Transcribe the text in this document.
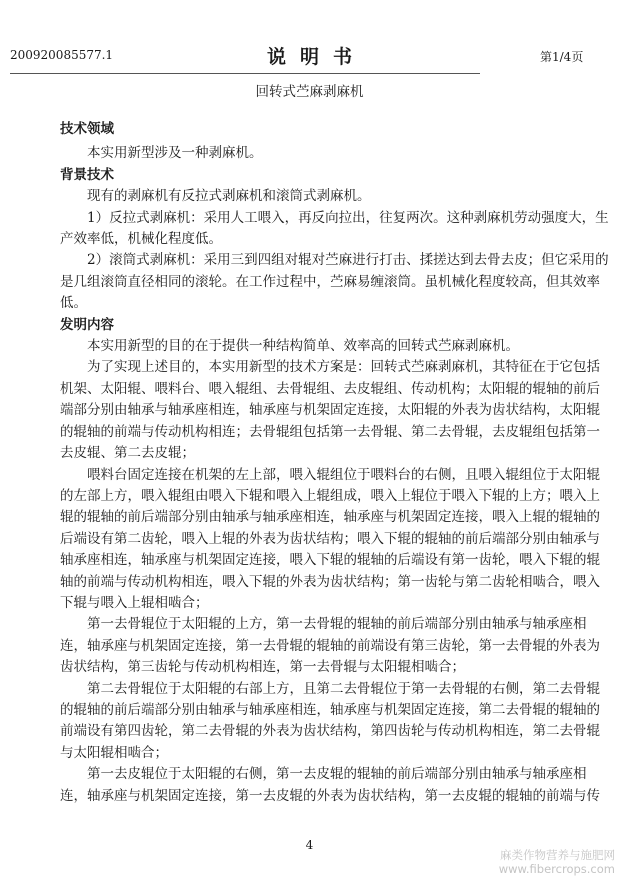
200920085577.1	说明书	第1/4页
回转式苎麻剥麻机
技术领域
本实用新型涉及一种剥麻机。
背景技术
现有的剥麻机有反拉式剥麻机和滚筒式剥麻机。
1）反拉式剥麻机：采用人工喂入，再反向拉出，往复两次。这种剥麻机劳动强度大，生
产效率低，机械化程度低。
2）滚筒式剥麻机：采用三到四组对辊对苎麻进行打击、揉搓达到去骨去皮；但它采用的
是几组滚筒直径相同的滚轮。在工作过程中，苎麻易缠滚筒。虽机械化程度较高，但其效率
低。
发明内容
本实用新型的目的在于提供一种结构简单、效率高的回转式苎麻剥麻机。
为了实现上述目的，本实用新型的技术方案是：回转式苎麻剥麻机，其特征在于它包括
机架、太阳辊、喂料台、喂入辊组、去骨辊组、去皮辊组、传动机构；太阳辊的辊轴的前后
端部分别由轴承与轴承座相连，轴承座与机架固定连接，太阳辊的外表为齿状结构，太阳辊
的辊轴的前端与传动机构相连；去骨辊组包括第一去骨辊、第二去骨辊，去皮辊组包括第一
去皮辊、第二去皮辊；
喂料台固定连接在机架的左上部，喂入辊组位于喂料台的右侧，且喂入辊组位于太阳辊
的左部上方，喂入辊组由喂入下辊和喂入上辊组成，喂入上辊位于喂入下辊的上方；喂入上
辊的辊轴的前后端部分别由轴承与轴承座相连，轴承座与机架固定连接，喂入上辊的辊轴的
后端设有第二齿轮，喂入上辊的外表为齿状结构；喂入下辊的辊轴的前后端部分别由轴承与
轴承座相连，轴承座与机架固定连接，喂入下辊的辊轴的后端设有第一齿轮，喂入下辊的辊
轴的前端与传动机构相连，喂入下辊的外表为齿状结构；第一齿轮与第二齿轮相啮合，喂入
下辊与喂入上辊相啮合；
第一去骨辊位于太阳辊的上方，第一去骨辊的辊轴的前后端部分别由轴承与轴承座相
连，轴承座与机架固定连接，第一去骨辊的辊轴的前端设有第三齿轮，第一去骨辊的外表为
齿状结构，第三齿轮与传动机构相连，第一去骨辊与太阳辊相啮合；
第二去骨辊位于太阳辊的右部上方，且第二去骨辊位于第一去骨辊的右侧，第二去骨辊
的辊轴的前后端部分别由轴承与轴承座相连，轴承座与机架固定连接，第二去骨辊的辊轴的
前端设有第四齿轮，第二去骨辊的外表为齿状结构，第四齿轮与传动机构相连，第二去骨辊
与太阳辊相啮合；
第一去皮辊位于太阳辊的右侧，第一去皮辊的辊轴的前后端部分别由轴承与轴承座相
连，轴承座与机架固定连接，第一去皮辊的外表为齿状结构，第一去皮辊的辊轴的前端与传
4
麻类作物营养与施肥网
www.fibercrops.com
